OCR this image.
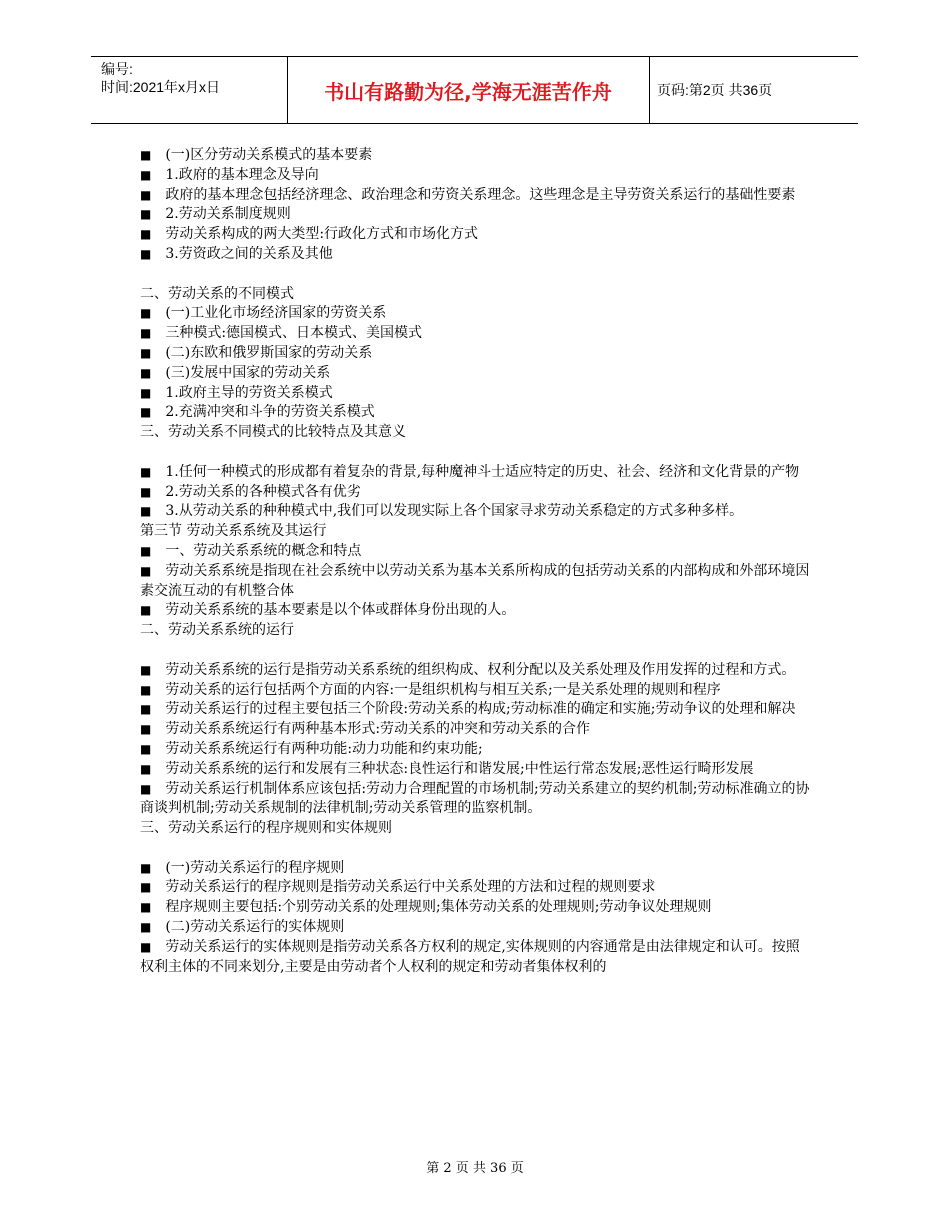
编号:
时间:2021年x月x日	书山有路勤为径,学海无涯苦作舟	页码:第2页 共36页

■ (一)区分劳动关系模式的基本要素

■ 1.政府的基本理念及导向

■ 政府的基本理念包括经济理念、政治理念和劳资关系理念。这些理念是主导劳资关系运行的基础性要素

■ 2.劳动关系制度规则

■ 劳动关系构成的两大类型:行政化方式和市场化方式

■ 3.劳资政之间的关系及其他

二、劳动关系的不同模式

■ (一)工业化市场经济国家的劳资关系

■ 三种模式:德国模式、日本模式、美国模式

■ (二)东欧和俄罗斯国家的劳动关系

■ (三)发展中国家的劳动关系

■ 1.政府主导的劳资关系模式

■ 2.充满冲突和斗争的劳资关系模式

三、劳动关系不同模式的比较特点及其意义

■ 1.任何一种模式的形成都有着复杂的背景,每种魔神斗士适应特定的历史、社会、经济和文化背景的产物

■ 2.劳动关系的各种模式各有优劣

■ 3.从劳动关系的种种模式中,我们可以发现实际上各个国家寻求劳动关系稳定的方式多种多样。

第三节 劳动关系系统及其运行

■ 一、劳动关系系统的概念和特点

■ 劳动关系系统是指现在社会系统中以劳动关系为基本关系所构成的包括劳动关系的内部构成和外部环境因素交流互动的有机整合体

■ 劳动关系系统的基本要素是以个体或群体身份出现的人。

二、劳动关系系统的运行

■ 劳动关系系统的运行是指劳动关系系统的组织构成、权利分配以及关系处理及作用发挥的过程和方式。

■ 劳动关系的运行包括两个方面的内容:一是组织机构与相互关系;一是关系处理的规则和程序

■ 劳动关系运行的过程主要包括三个阶段:劳动关系的构成;劳动标准的确定和实施;劳动争议的处理和解决

■ 劳动关系系统运行有两种基本形式:劳动关系的冲突和劳动关系的合作

■ 劳动关系系统运行有两种功能:动力功能和约束功能;

■ 劳动关系系统的运行和发展有三种状态:良性运行和谐发展;中性运行常态发展;恶性运行畸形发展

■ 劳动关系运行机制体系应该包括:劳动力合理配置的市场机制;劳动关系建立的契约机制;劳动标准确立的协商谈判机制;劳动关系规制的法律机制;劳动关系管理的监察机制。

三、劳动关系运行的程序规则和实体规则

■ (一)劳动关系运行的程序规则

■ 劳动关系运行的程序规则是指劳动关系运行中关系处理的方法和过程的规则要求

■ 程序规则主要包括:个别劳动关系的处理规则;集体劳动关系的处理规则;劳动争议处理规则

■ (二)劳动关系运行的实体规则

■ 劳动关系运行的实体规则是指劳动关系各方权利的规定,实体规则的内容通常是由法律规定和认可。按照权利主体的不同来划分,主要是由劳动者个人权利的规定和劳动者集体权利的

第 2 页 共 36 页
